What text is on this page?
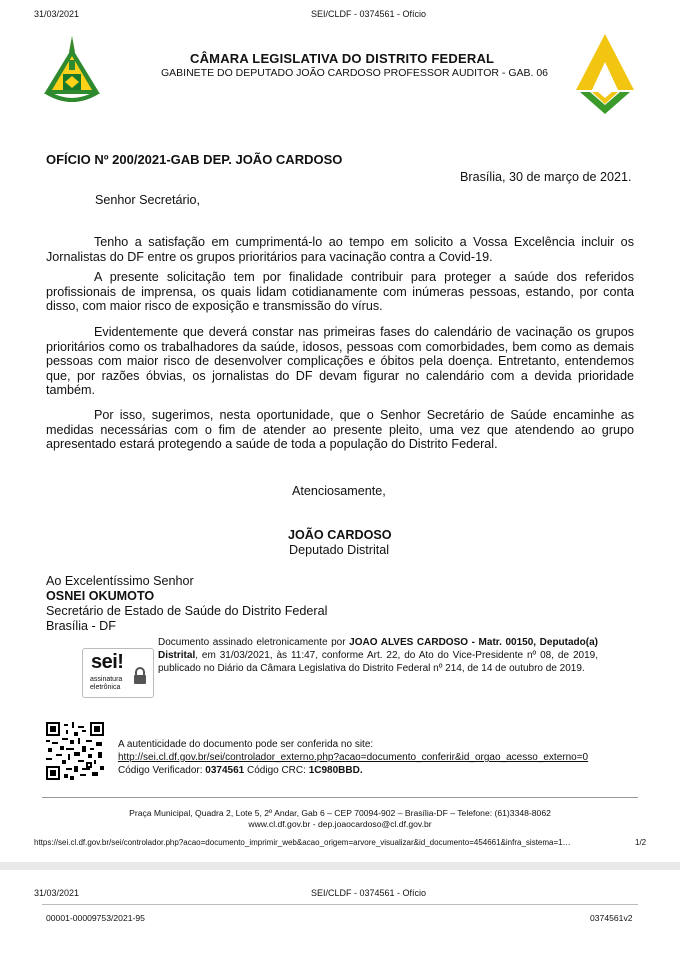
31/03/2021	SEI/CLDF - 0374561 - Ofício
CÂMARA LEGISLATIVA DO DISTRITO FEDERAL
GABINETE DO DEPUTADO JOÃO CARDOSO PROFESSOR AUDITOR - GAB. 06
OFÍCIO Nº 200/2021-GAB DEP. JOÃO CARDOSO
Brasília, 30 de março de 2021.
Senhor Secretário,
Tenho a satisfação em cumprimentá-lo ao tempo em solicito a Vossa Excelência incluir os Jornalistas do DF entre os grupos prioritários para vacinação contra a Covid-19.
A presente solicitação tem por finalidade contribuir para proteger a saúde dos referidos profissionais de imprensa, os quais lidam cotidianamente com inúmeras pessoas, estando, por conta disso, com maior risco de exposição e transmissão do vírus.
Evidentemente que deverá constar nas primeiras fases do calendário de vacinação os grupos prioritários como os trabalhadores da saúde, idosos, pessoas com comorbidades, bem como as demais pessoas com maior risco de desenvolver complicações e óbitos pela doença. Entretanto, entendemos que, por razões óbvias, os jornalistas do DF devam figurar no calendário com a devida prioridade também.
Por isso, sugerimos, nesta oportunidade, que o Senhor Secretário de Saúde encaminhe as medidas necessárias com o fim de atender ao presente pleito, uma vez que atendendo ao grupo apresentado estará protegendo a saúde de toda a população do Distrito Federal.
Atenciosamente,
JOÃO CARDOSO
Deputado Distrital
Ao Excelentíssimo Senhor
OSNEI OKUMOTO
Secretário de Estado de Saúde do Distrito Federal
Brasília - DF
sei!
assinatura
eletrônica
Documento assinado eletronicamente por JOAO ALVES CARDOSO - Matr. 00150, Deputado(a) Distrital, em 31/03/2021, às 11:47, conforme Art. 22, do Ato do Vice-Presidente nº 08, de 2019, publicado no Diário da Câmara Legislativa do Distrito Federal nº 214, de 14 de outubro de 2019.
A autenticidade do documento pode ser conferida no site:
http://sei.cl.df.gov.br/sei/controlador_externo.php?acao=documento_conferir&id_orgao_acesso_externo=0
Código Verificador: 0374561 Código CRC: 1C980BBD.
Praça Municipal, Quadra 2, Lote 5, 2º Andar, Gab 6 – CEP 70094-902 – Brasília-DF – Telefone: (61)3348-8062
www.cl.df.gov.br - dep.joaocardoso@cl.df.gov.br
https://sei.cl.df.gov.br/sei/controlador.php?acao=documento_imprimir_web&acao_origem=arvore_visualizar&id_documento=454661&infra_sistema=1…	1/2
31/03/2021	SEI/CLDF - 0374561 - Ofício
00001-00009753/2021-95	0374561v2
